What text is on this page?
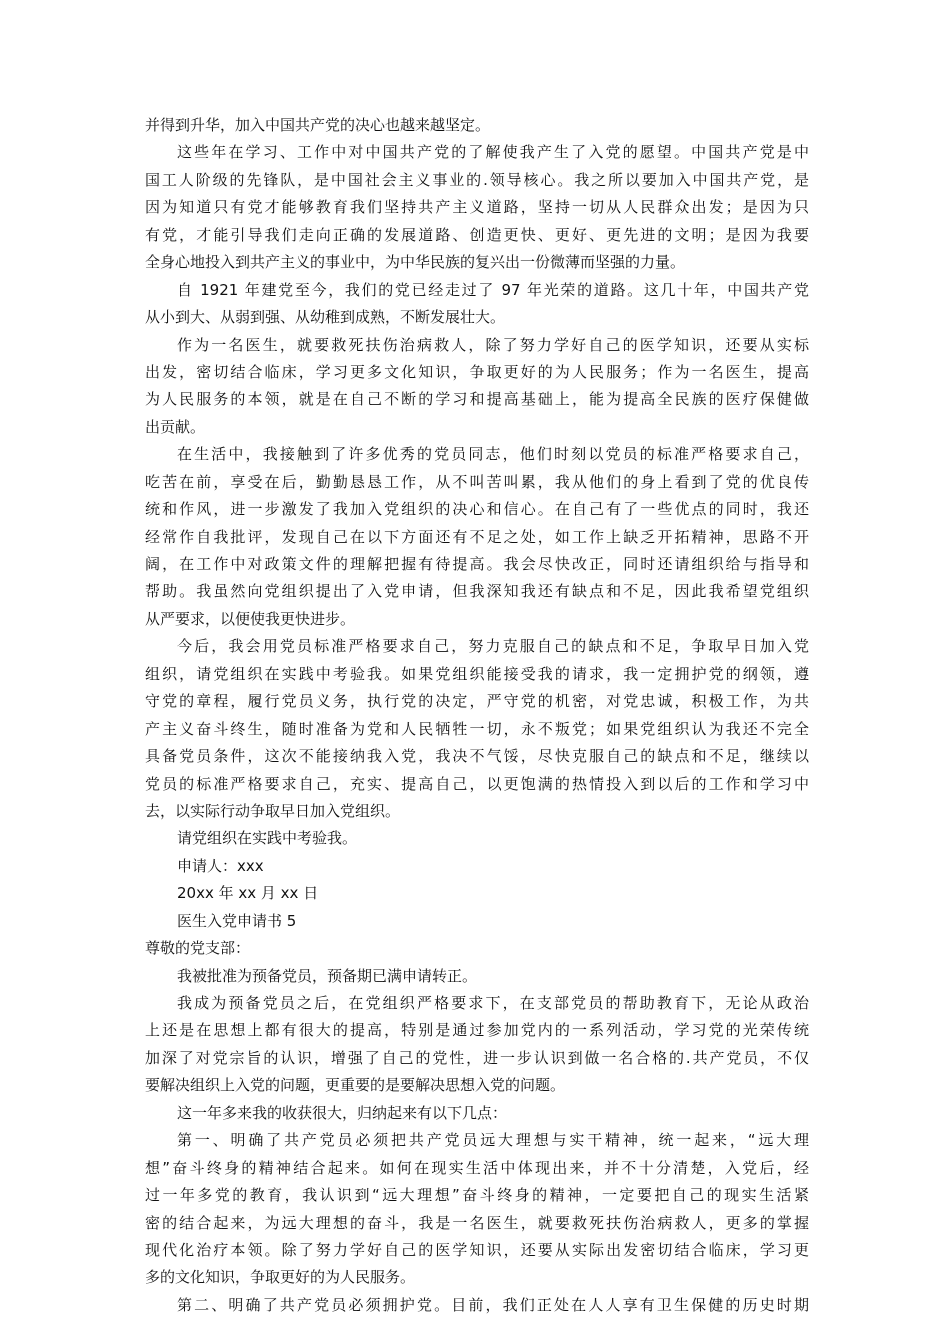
并得到升华，加入中国共产党的决心也越来越坚定。
这些年在学习、工作中对中国共产党的了解使我产生了入党的愿望。中国共产党是中
国工人阶级的先锋队，是中国社会主义事业的.领导核心。我之所以要加入中国共产党，是
因为知道只有党才能够教育我们坚持共产主义道路，坚持一切从人民群众出发；是因为只
有党，才能引导我们走向正确的发展道路、创造更快、更好、更先进的文明；是因为我要
全身心地投入到共产主义的事业中，为中华民族的复兴出一份微薄而坚强的力量。
自 1921 年建党至今，我们的党已经走过了 97 年光荣的道路。这几十年，中国共产党
从小到大、从弱到强、从幼稚到成熟，不断发展壮大。
作为一名医生，就要救死扶伤治病救人，除了努力学好自己的医学知识，还要从实标
出发，密切结合临床，学习更多文化知识，争取更好的为人民服务；作为一名医生，提高
为人民服务的本领，就是在自己不断的学习和提高基础上，能为提高全民族的医疗保健做
出贡献。
在生活中，我接触到了许多优秀的党员同志，他们时刻以党员的标准严格要求自己，
吃苦在前，享受在后，勤勤恳恳工作，从不叫苦叫累，我从他们的身上看到了党的优良传
统和作风，进一步激发了我加入党组织的决心和信心。在自己有了一些优点的同时，我还
经常作自我批评，发现自己在以下方面还有不足之处，如工作上缺乏开拓精神，思路不开
阔，在工作中对政策文件的理解把握有待提高。我会尽快改正，同时还请组织给与指导和
帮助。我虽然向党组织提出了入党申请，但我深知我还有缺点和不足，因此我希望党组织
从严要求，以便使我更快进步。
今后，我会用党员标准严格要求自己，努力克服自己的缺点和不足，争取早日加入党
组织，请党组织在实践中考验我。如果党组织能接受我的请求，我一定拥护党的纲领，遵
守党的章程，履行党员义务，执行党的决定，严守党的机密，对党忠诚，积极工作，为共
产主义奋斗终生，随时准备为党和人民牺牲一切，永不叛党；如果党组织认为我还不完全
具备党员条件，这次不能接纳我入党，我决不气馁，尽快克服自己的缺点和不足，继续以
党员的标准严格要求自己，充实、提高自己，以更饱满的热情投入到以后的工作和学习中
去，以实际行动争取早日加入党组织。
请党组织在实践中考验我。
申请人：xxx
20xx 年 xx 月 xx 日
医生入党申请书 5
尊敬的党支部：
我被批准为预备党员，预备期已满申请转正。
我成为预备党员之后，在党组织严格要求下，在支部党员的帮助教育下，无论从政治
上还是在思想上都有很大的提高，特别是通过参加党内的一系列活动，学习党的光荣传统
加深了对党宗旨的认识，增强了自己的党性，进一步认识到做一名合格的.共产党员，不仅
要解决组织上入党的问题，更重要的是要解决思想入党的问题。
这一年多来我的收获很大，归纳起来有以下几点：
第一、明确了共产党员必须把共产党员远大理想与实干精神，统一起来，“远大理
想”奋斗终身的精神结合起来。如何在现实生活中体现出来，并不十分清楚，入党后，经
过一年多党的教育，我认识到“远大理想”奋斗终身的精神，一定要把自己的现实生活紧
密的结合起来，为远大理想的奋斗，我是一名医生，就要救死扶伤治病救人，更多的掌握
现代化治疗本领。除了努力学好自己的医学知识，还要从实际出发密切结合临床，学习更
多的文化知识，争取更好的为人民服务。
第二、明确了共产党员必须拥护党。目前，我们正处在人人享有卫生保健的历史时期
